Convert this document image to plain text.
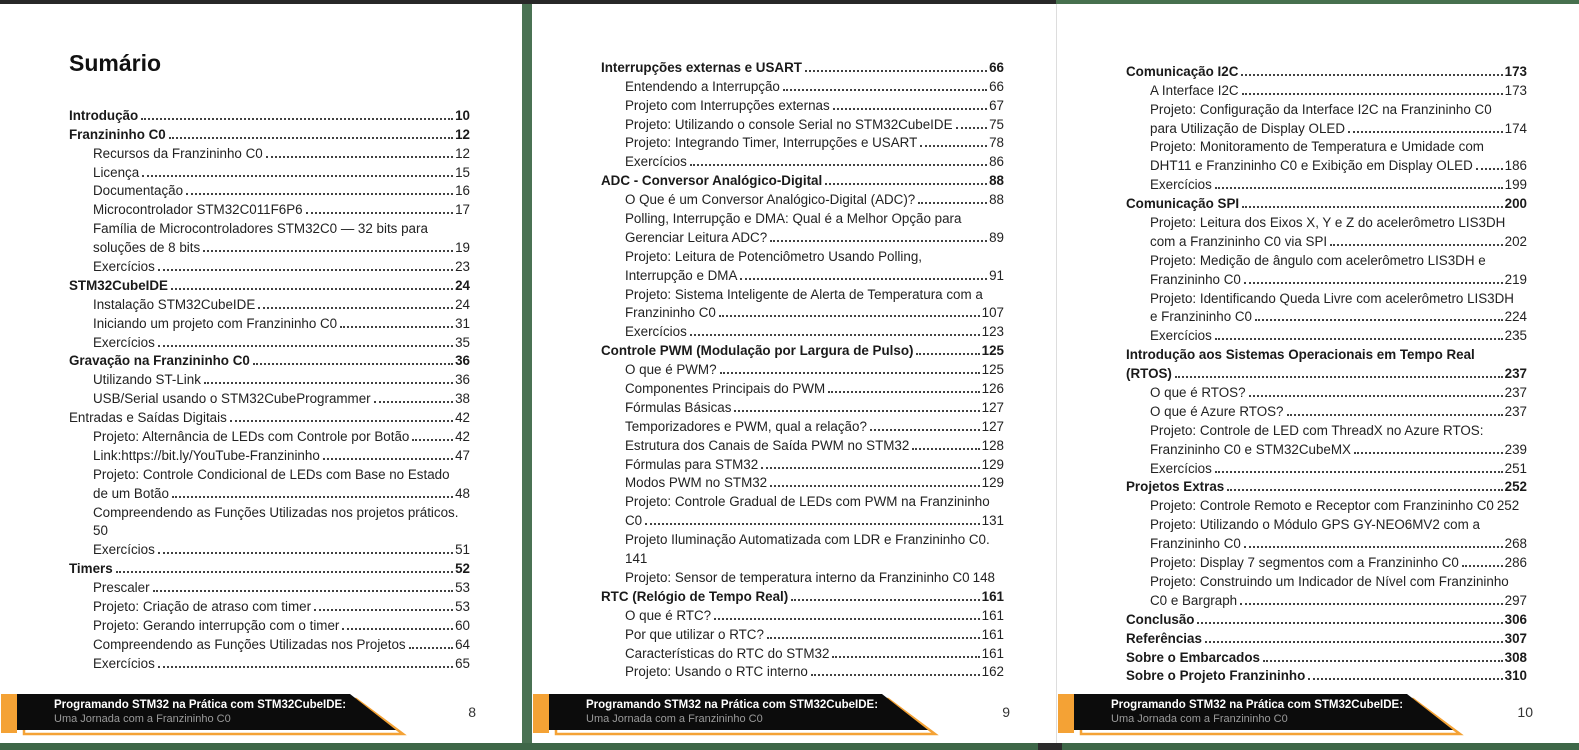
Sumário
Introdução	10
Franzininho C0	12
Recursos da Franzininho C0	12
Licença	15
Documentação	16
Microcontrolador STM32C011F6P6	17
Família de Microcontroladores STM32C0 — 32 bits para
soluções de 8 bits	19
Exercícios	23
STM32CubeIDE	24
Instalação STM32CubeIDE	24
Iniciando um projeto com Franzininho C0	31
Exercícios	35
Gravação na Franzininho C0	36
Utilizando ST-Link	36
USB/Serial usando o STM32CubeProgrammer	38
Entradas e Saídas Digitais	42
Projeto: Alternância de LEDs com Controle por Botão	42
Link:https://bit.ly/YouTube-Franzininho	47
Projeto: Controle Condicional de LEDs com Base no Estado
de um Botão	48
Compreendendo as Funções Utilizadas nos projetos práticos.
50
Exercícios	51
Timers	52
Prescaler	53
Projeto: Criação de atraso com timer	53
Projeto: Gerando interrupção com o timer	60
Compreendendo as Funções Utilizadas nos Projetos	64
Exercícios	65
Programando STM32 na Prática com STM32CubeIDE:
Uma Jornada com a Franzininho C0	8
Interrupções externas e USART	66
Entendendo a Interrupção	66
Projeto com Interrupções externas	67
Projeto: Utilizando o console Serial no STM32CubeIDE	75
Projeto: Integrando Timer, Interrupções e USART	78
Exercícios	86
ADC - Conversor Analógico-Digital	88
O Que é um Conversor Analógico-Digital (ADC)?	88
Polling, Interrupção e DMA: Qual é a Melhor Opção para
Gerenciar Leitura ADC?	89
Projeto: Leitura de Potenciômetro Usando Polling,
Interrupção e DMA	91
Projeto: Sistema Inteligente de Alerta de Temperatura com a
Franzininho C0	107
Exercícios	123
Controle PWM (Modulação por Largura de Pulso)	125
O que é PWM?	125
Componentes Principais do PWM	126
Fórmulas Básicas	127
Temporizadores e PWM, qual a relação?	127
Estrutura dos Canais de Saída PWM no STM32	128
Fórmulas para STM32	129
Modos PWM no STM32	129
Projeto: Controle Gradual de LEDs com PWM na Franzininho
C0	131
Projeto Iluminação Automatizada com LDR e Franzininho C0.
141
Projeto: Sensor de temperatura interno da Franzininho C0 148
RTC (Relógio de Tempo Real)	161
O que é RTC?	161
Por que utilizar o RTC?	161
Características do RTC do STM32	161
Projeto: Usando o RTC interno	162
Programando STM32 na Prática com STM32CubeIDE:
Uma Jornada com a Franzininho C0	9
Comunicação I2C	173
A Interface I2C	173
Projeto: Configuração da Interface I2C na Franzininho C0
para Utilização de Display OLED	174
Projeto: Monitoramento de Temperatura e Umidade com
DHT11 e Franzininho C0 e Exibição em Display OLED 186
Exercícios	199
Comunicação SPI	200
Projeto: Leitura dos Eixos X, Y e Z do acelerômetro LIS3DH
com a Franzininho C0 via SPI	202
Projeto: Medição de ângulo com acelerômetro LIS3DH e
Franzininho C0	219
Projeto: Identificando Queda Livre com acelerômetro LIS3DH
e Franzininho C0	224
Exercícios	235
Introdução aos Sistemas Operacionais em Tempo Real
(RTOS)	237
O que é RTOS?	237
O que é Azure RTOS?	237
Projeto: Controle de LED com ThreadX no Azure RTOS:
Franzininho C0 e STM32CubeMX	239
Exercícios	251
Projetos Extras	252
Projeto: Controle Remoto e Receptor com Franzininho C0 252
Projeto: Utilizando o Módulo GPS GY-NEO6MV2 com a
Franzininho C0	268
Projeto: Display 7 segmentos com a Franzininho C0	286
Projeto: Construindo um Indicador de Nível com Franzininho
C0 e Bargraph	297
Conclusão	306
Referências	307
Sobre o Embarcados	308
Sobre o Projeto Franzininho	310
Programando STM32 na Prática com STM32CubeIDE:
Uma Jornada com a Franzininho C0	10
